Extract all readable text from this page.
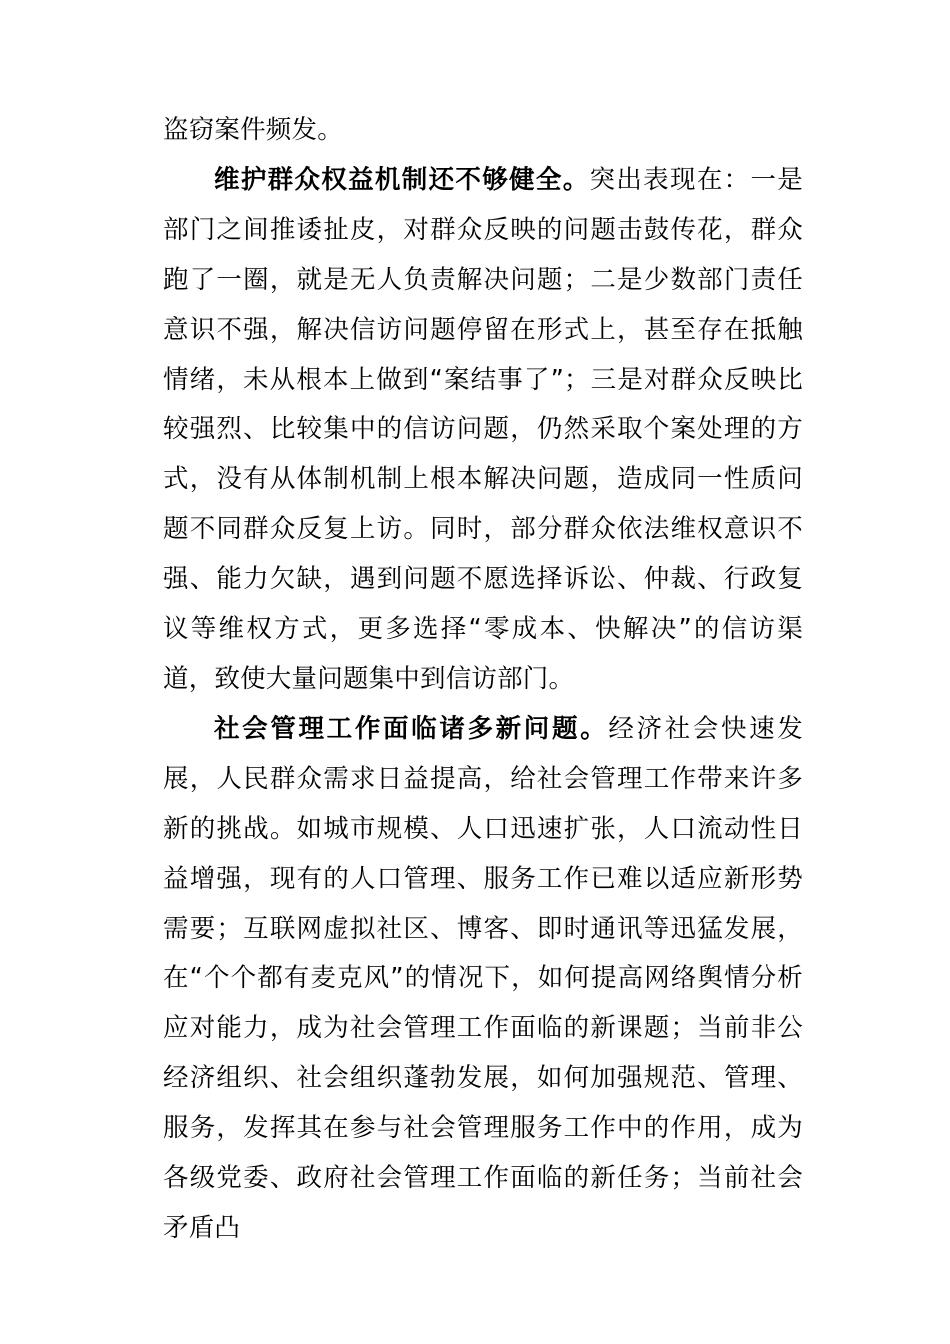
盗窃案件频发。

维护群众权益机制还不够健全。突出表现在：一是部门之间推诿扯皮，对群众反映的问题击鼓传花，群众跑了一圈，就是无人负责解决问题；二是少数部门责任意识不强，解决信访问题停留在形式上，甚至存在抵触情绪，未从根本上做到“案结事了”；三是对群众反映比较强烈、比较集中的信访问题，仍然采取个案处理的方式，没有从体制机制上根本解决问题，造成同一性质问题不同群众反复上访。同时，部分群众依法维权意识不强、能力欠缺，遇到问题不愿选择诉讼、仲裁、行政复议等维权方式，更多选择“零成本、快解决”的信访渠道，致使大量问题集中到信访部门。

社会管理工作面临诸多新问题。经济社会快速发展，人民群众需求日益提高，给社会管理工作带来许多新的挑战。如城市规模、人口迅速扩张，人口流动性日益增强，现有的人口管理、服务工作已难以适应新形势需要；互联网虚拟社区、博客、即时通讯等迅猛发展，在“个个都有麦克风”的情况下，如何提高网络舆情分析应对能力，成为社会管理工作面临的新课题；当前非公经济组织、社会组织蓬勃发展，如何加强规范、管理、服务，发挥其在参与社会管理服务工作中的作用，成为各级党委、政府社会管理工作面临的新任务；当前社会矛盾凸
